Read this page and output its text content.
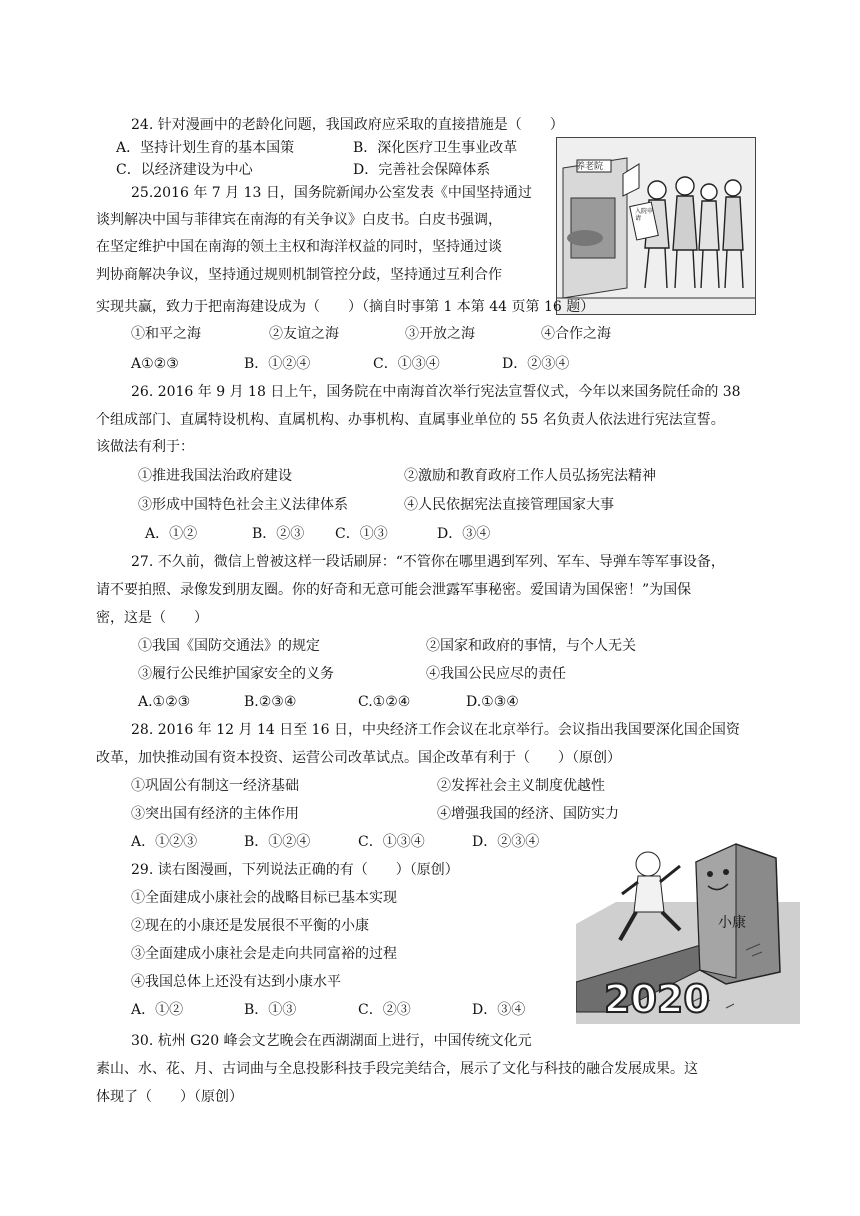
24. 针对漫画中的老龄化问题，我国政府应采取的直接措施是（　　）
A．坚持计划生育的基本国策	B．深化医疗卫生事业改革
C．以经济建设为中心	D．完善社会保障体系	养老院
入院申请
25.2016 年 7 月 13 日，国务院新闻办公室发表《中国坚持通过
谈判解决中国与菲律宾在南海的有关争议》白皮书。白皮书强调，
在坚定维护中国在南海的领土主权和海洋权益的同时，坚持通过谈
判协商解决争议，坚持通过规则机制管控分歧，坚持通过互利合作
实现共赢，致力于把南海建设成为（　　）（摘自时事第 1 本第 44 页第 16 题）
①和平之海	②友谊之海	③开放之海	④合作之海
A①②③	B．①②④	C．①③④	D．②③④
26. 2016 年 9 月 18 日上午，国务院在中南海首次举行宪法宣誓仪式，今年以来国务院任命的 38
个组成部门、直属特设机构、直属机构、办事机构、直属事业单位的 55 名负责人依法进行宪法宣誓。
该做法有利于：
①推进我国法治政府建设	②激励和教育政府工作人员弘扬宪法精神
③形成中国特色社会主义法律体系	④人民依据宪法直接管理国家大事
A．①②	B．②③ C．①③	D．③④
27. 不久前，微信上曾被这样一段话刷屏：“不管你在哪里遇到军列、军车、导弹车等军事设备，
请不要拍照、录像发到朋友圈。你的好奇和无意可能会泄露军事秘密。爱国请为国保密！”为国保
密，这是（　　）
①我国《国防交通法》的规定	②国家和政府的事情，与个人无关
③履行公民维护国家安全的义务	④我国公民应尽的责任
A.①②③	B.②③④	C.①②④	D.①③④
28. 2016 年 12 月 14 日至 16 日，中央经济工作会议在北京举行。会议指出我国要深化国企国资
改革，加快推动国有资本投资、运营公司改革试点。国企改革有利于（　　）（原创）
①巩固公有制这一经济基础	②发挥社会主义制度优越性
③突出国有经济的主体作用	④增强我国的经济、国防实力
A．①②③	B．①②④	C．①③④	D．②③④
29. 读右图漫画，下列说法正确的有（　　）（原创）
①全面建成小康社会的战略目标已基本实现
②现在的小康还是发展很不平衡的小康
③全面建成小康社会是走向共同富裕的过程
④我国总体上还没有达到小康水平
A．①②	B．①③	C．②③	D．③④
小康
2020
30. 杭州 G20 峰会文艺晚会在西湖湖面上进行，中国传统文化元
素山、水、花、月、古词曲与全息投影科技手段完美结合，展示了文化与科技的融合发展成果。这
体现了（　　）（原创）
